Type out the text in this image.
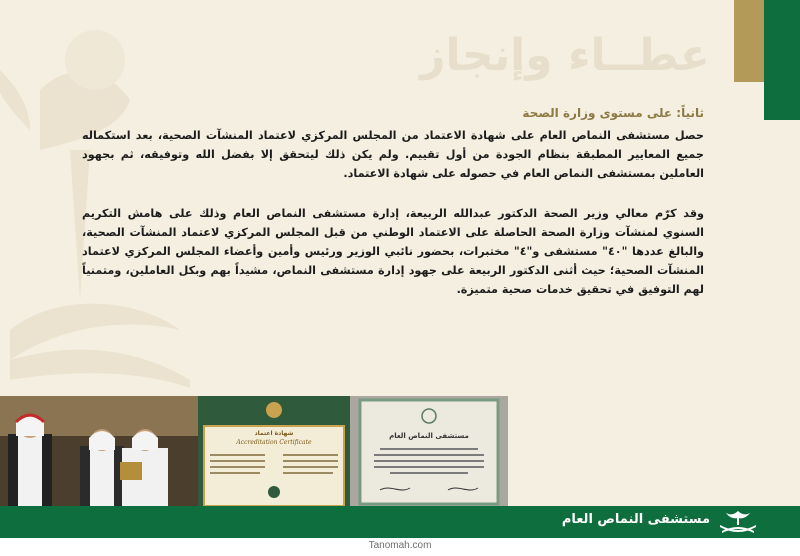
عطــاء وإنجاز

ثانياً: على مستوى وزارة الصحة

حصل مستشفى النماص العام على شهادة الاعتماد من المجلس المركزي لاعتماد المنشآت الصحية، بعد استكماله جميع المعايير المطبقة بنظام الجودة من أول تقييم. ولم يكن ذلك ليتحقق إلا بفضل الله وتوفيقه، ثم بجهود العاملين بمستشفى النماص العام في حصوله على شهادة الاعتماد.

وقد كرّم معالي وزير الصحة الدكتور عبدالله الربيعة، إدارة مستشفى النماص العام وذلك على هامش التكريم السنوي لمنشآت وزارة الصحة الحاصلة على الاعتماد الوطني من قبل المجلس المركزي لاعتماد المنشآت الصحية، والبالغ عددها "٤٠" مستشفى و"٤" مختبرات، بحضور نائبي الوزير ورئيس وأمين وأعضاء المجلس المركزي لاعتماد المنشآت الصحية؛ حيث أثنى الدكتور الربيعة على جهود إدارة مستشفى النماص، مشيداً بهم وبكل العاملين، ومتمنياً لهم التوفيق في تحقيق خدمات صحية متميزة.

شهادة اعتماد
Accreditation Certificate
مستشفى النماص العام
مستشفى النماص العام
Tanomah.com
